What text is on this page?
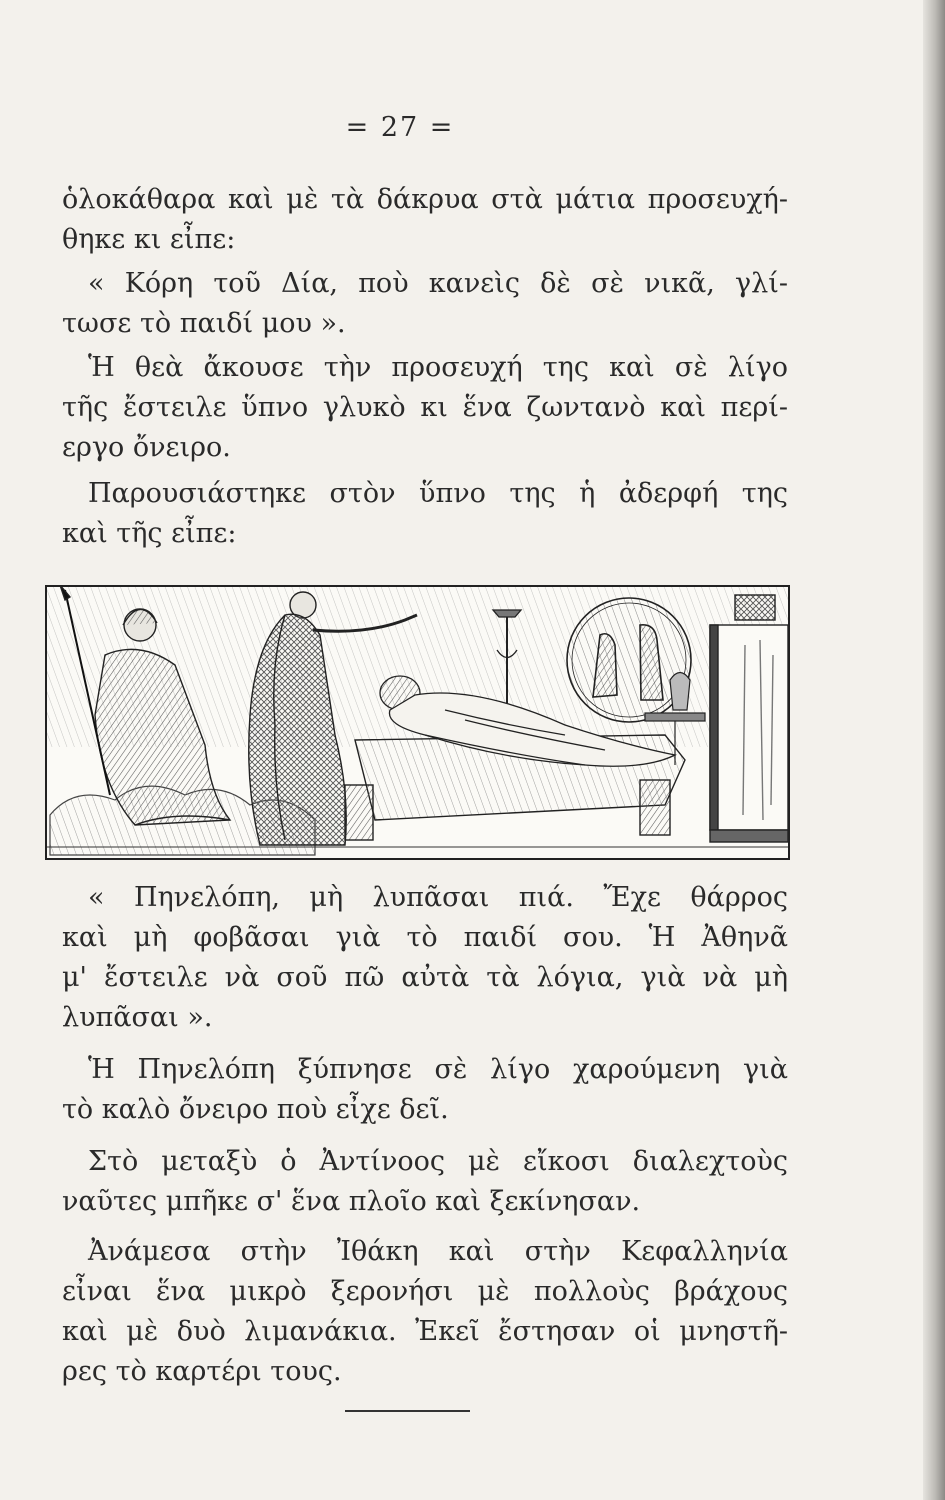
= 27 =
ὁλοκάθαρα καὶ μὲ τὰ δάκρυα στὰ μάτια προσευχή-
θηκε κι εἶπε:
« Κόρη τοῦ Δία, ποὺ κανεὶς δὲ σὲ νικᾶ, γλί-
τωσε τὸ παιδί μου ».
Ἡ θεὰ ἄκουσε τὴν προσευχή της καὶ σὲ λίγο
τῆς ἔστειλε ὕπνο γλυκὸ κι ἕνα ζωντανὸ καὶ περί-
εργο ὄνειρο.
Παρουσιάστηκε στὸν ὕπνο της ἡ ἀδερφή της
καὶ τῆς εἶπε:
« Πηνελόπη, μὴ λυπᾶσαι πιά. Ἔχε θάρρος
καὶ μὴ φοβᾶσαι γιὰ τὸ παιδί σου. Ἡ Ἀθηνᾶ
μ' ἔστειλε νὰ σοῦ πῶ αὐτὰ τὰ λόγια, γιὰ νὰ μὴ
λυπᾶσαι ».
Ἡ Πηνελόπη ξύπνησε σὲ λίγο χαρούμενη γιὰ
τὸ καλὸ ὄνειρο ποὺ εἶχε δεῖ.
Στὸ μεταξὺ ὁ Ἀντίνοος μὲ εἴκοσι διαλεχτοὺς
ναῦτες μπῆκε σ' ἕνα πλοῖο καὶ ξεκίνησαν.
Ἀνάμεσα στὴν Ἰθάκη καὶ στὴν Κεφαλληνία
εἶναι ἕνα μικρὸ ξερονήσι μὲ πολλοὺς βράχους
καὶ μὲ δυὸ λιμανάκια. Ἐκεῖ ἔστησαν οἱ μνηστῆ-
ρες τὸ καρτέρι τους.
